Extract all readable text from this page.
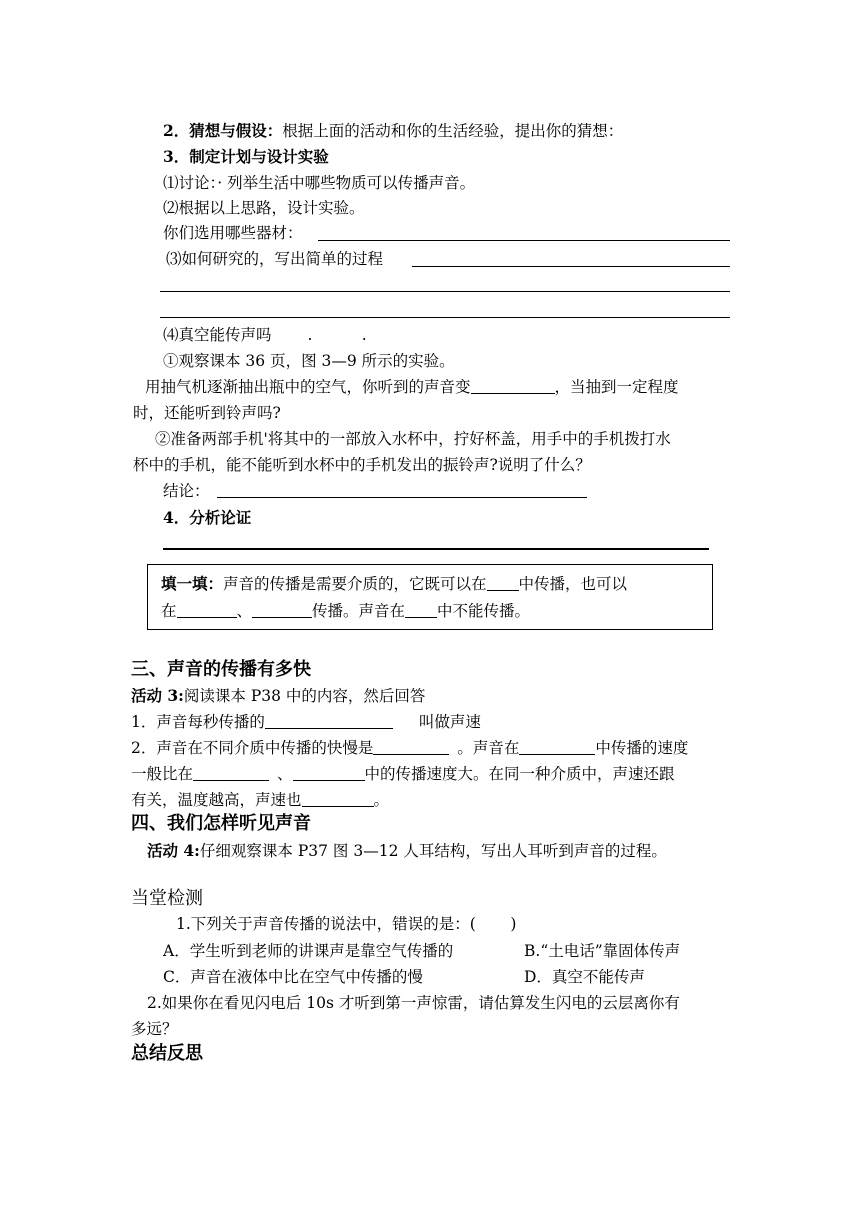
2．猜想与假设：根据上面的活动和你的生活经验，提出你的猜想：
3．制定计划与设计实验
⑴讨论：· 列举生活中哪些物质可以传播声音。
⑵根据以上思路，设计实验。
你们选用哪些器材：
⑶如何研究的，写出简单的过程
⑷真空能传声吗 .          .
①观察课本 36 页，图 3—9 所示的实验。
用抽气机逐渐抽出瓶中的空气，你听到的声音变	，当抽到一定程度
时，还能听到铃声吗?
②准备两部手机'将其中的一部放入水杯中，拧好杯盖，用手中的手机拨打水
杯中的手机，能不能听到水杯中的手机发出的振铃声?说明了什么？
结论：
4．分析论证
填一填：声音的传播是需要介质的，它既可以在 中传播，也可以
在	、	传播。声音在 中不能传播。
三、声音的传播有多快
活动 3:阅读课本 P38 中的内容，然后回答
1．声音每秒传播的	叫做声速
2．声音在不同介质中传播的快慢是	。声音在	中传播的速度
一般比在	、	中的传播速度大。在同一种介质中，声速还跟
有关，温度越高，声速也	。
四、我们怎样听见声音
活动 4:仔细观察课本 P37 图 3—12 人耳结构，写出人耳听到声音的过程。
当堂检测
1.下列关于声音传播的说法中，错误的是：(       )
A．学生听到老师的讲课声是靠空气传播的	B.“土电话”靠固体传声
C．声音在液体中比在空气中传播的慢	D．真空不能传声
2.如果你在看见闪电后 10s 才听到第一声惊雷，请估算发生闪电的云层离你有
多远？
总结反思
